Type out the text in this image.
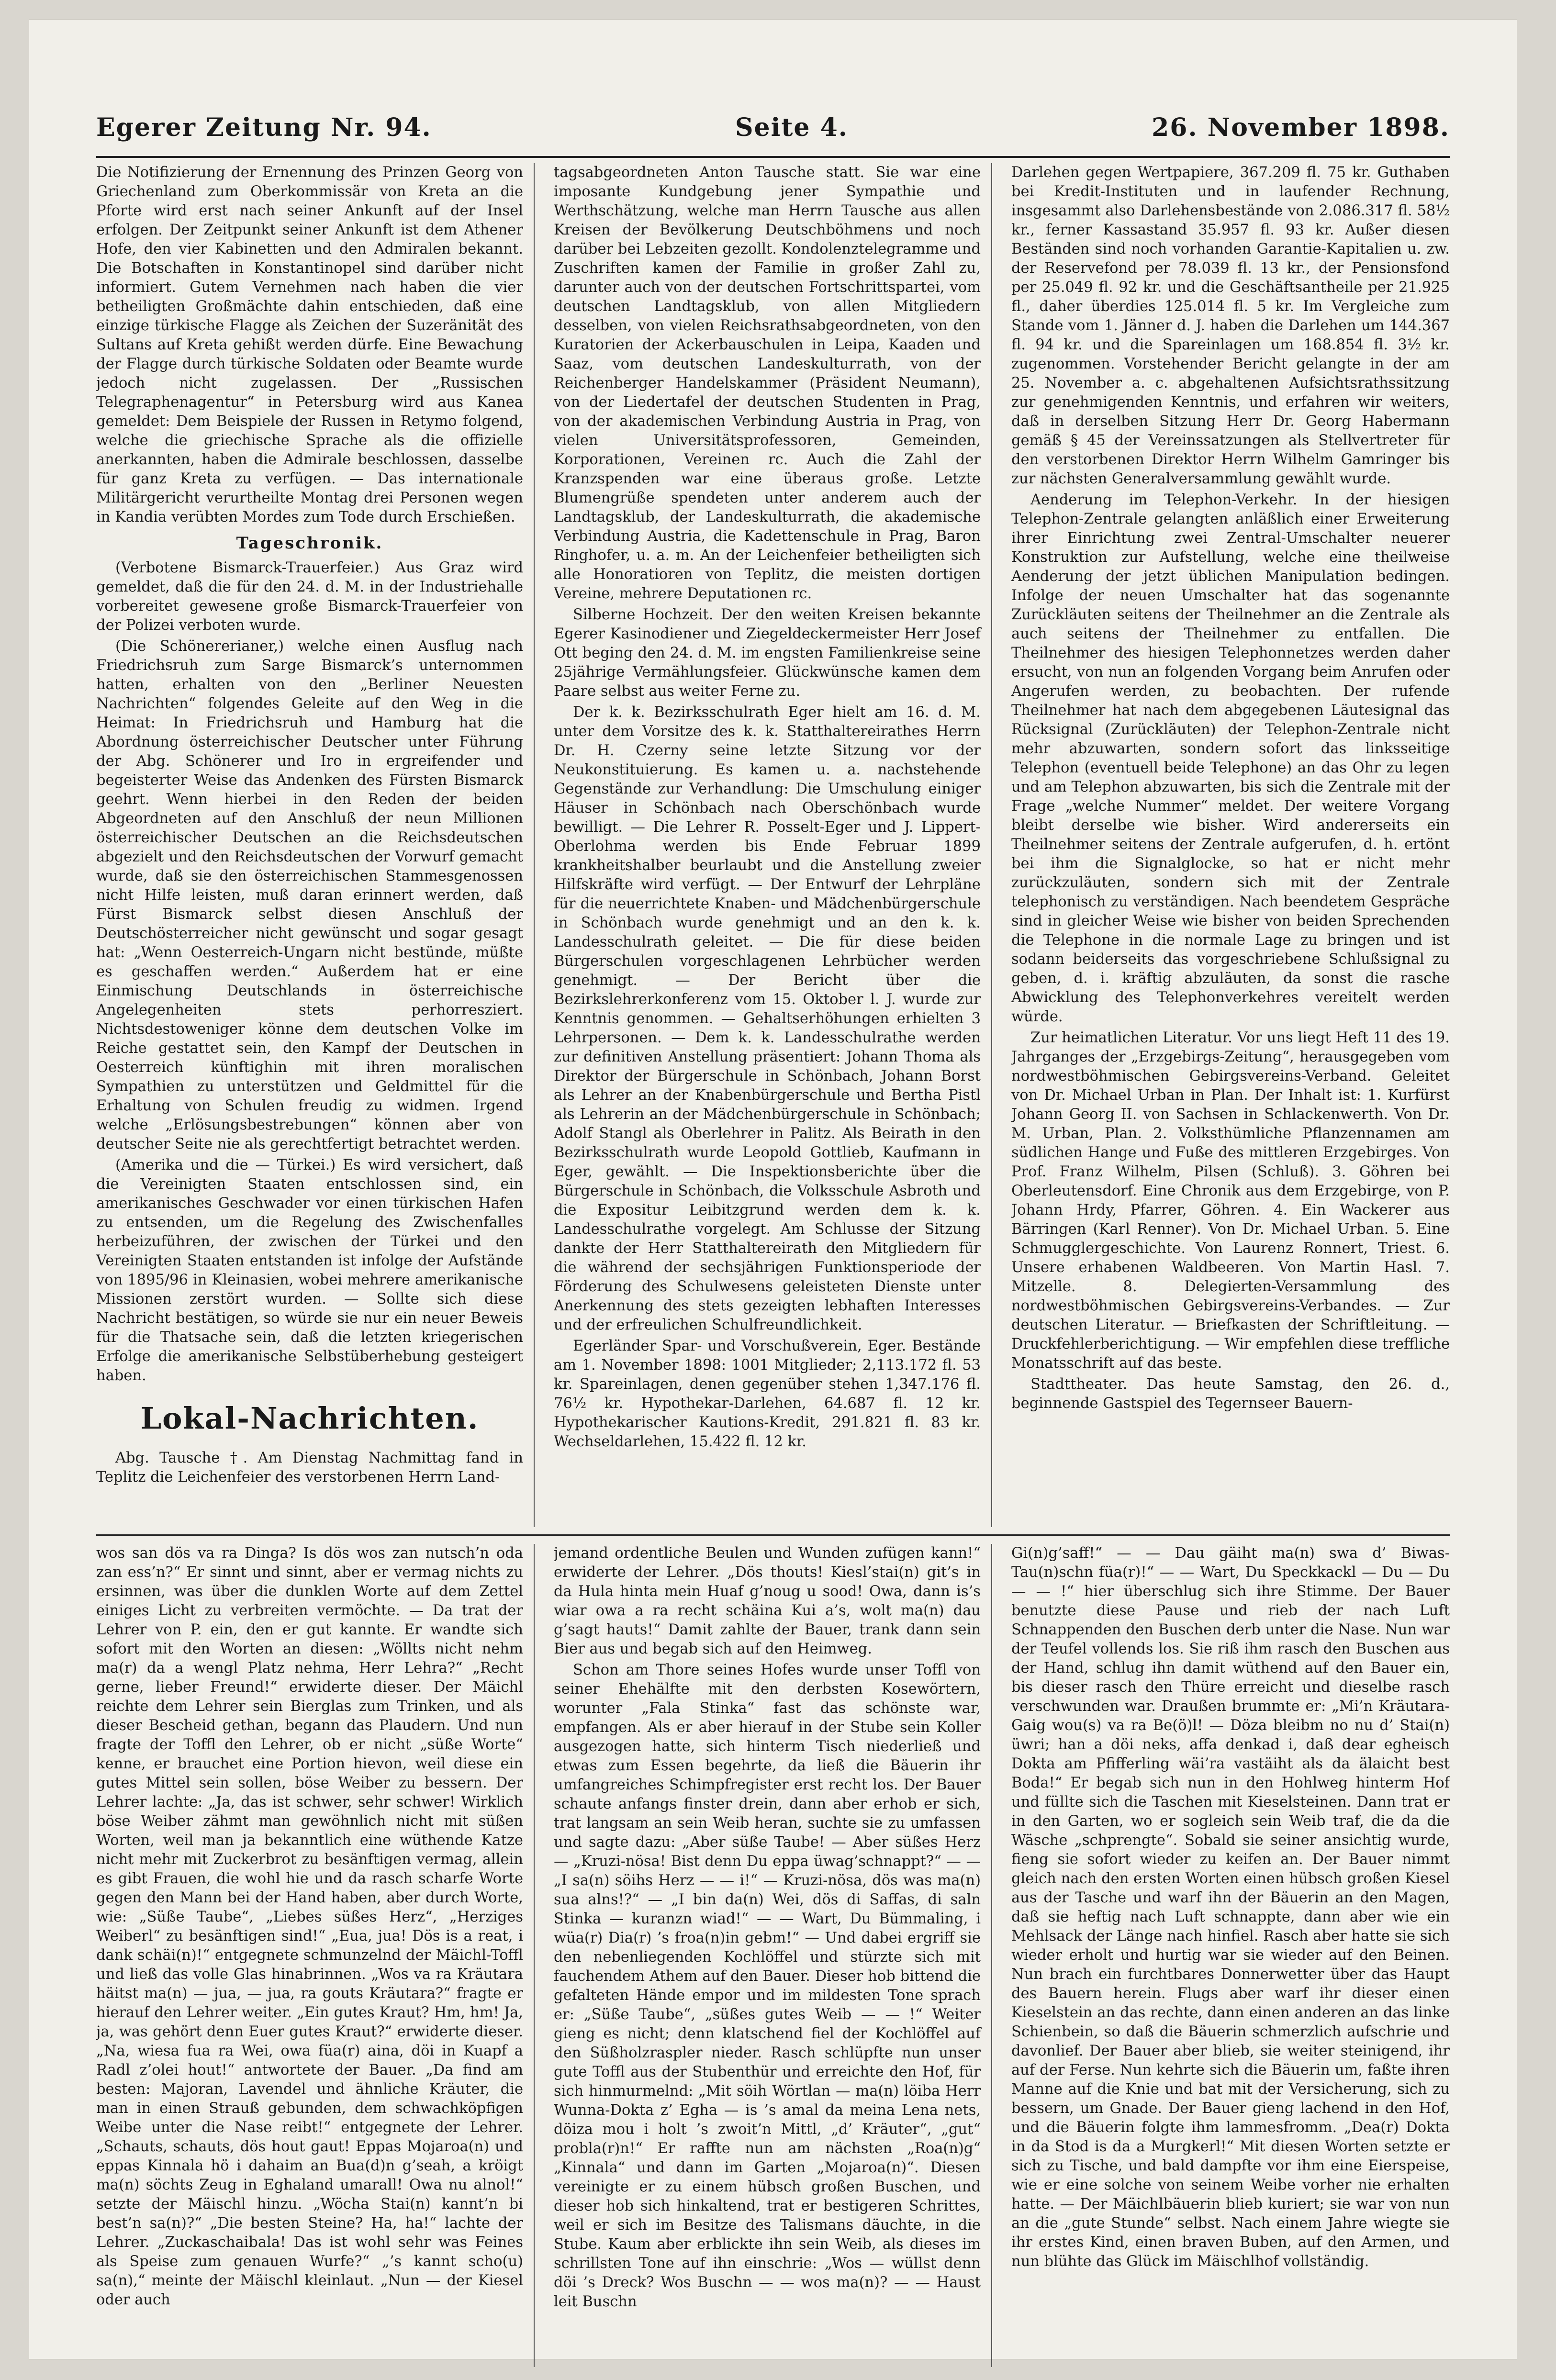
Egerer Zeitung Nr. 94.	Seite 4.	26. November 1898.

Die Notifizierung der Ernennung des Prinzen Georg von Griechenland zum Oberkommissär von Kreta an die Pforte wird erst nach seiner Ankunft auf der Insel erfolgen. Der Zeitpunkt seiner Ankunft ist dem Athener Hofe, den vier Kabinetten und den Admiralen bekannt. Die Botschaften in Konstantinopel sind darüber nicht informiert. Gutem Vernehmen nach haben die vier betheiligten Großmächte dahin entschieden, daß eine einzige türkische Flagge als Zeichen der Suzeränität des Sultans auf Kreta gehißt werden dürfe. Eine Bewachung der Flagge durch türkische Soldaten oder Beamte wurde jedoch nicht zugelassen. Der „Russischen Telegraphenagentur“ in Petersburg wird aus Kanea gemeldet: Dem Beispiele der Russen in Retymo folgend, welche die griechische Sprache als die offizielle anerkannten, haben die Admirale beschlossen, dasselbe für ganz Kreta zu verfügen. — Das internationale Militärgericht verurtheilte Montag drei Personen wegen in Kandia verübten Mordes zum Tode durch Erschießen.

Tageschronik.

(Verbotene Bismarck-Trauerfeier.) Aus Graz wird gemeldet, daß die für den 24. d. M. in der Industriehalle vorbereitet gewesene große Bismarck-Trauerfeier von der Polizei verboten wurde.

(Die Schönererianer,) welche einen Ausflug nach Friedrichsruh zum Sarge Bismarck’s unternommen hatten, erhalten von den „Berliner Neuesten Nachrichten“ folgendes Geleite auf den Weg in die Heimat: In Friedrichsruh und Hamburg hat die Abordnung österreichischer Deutscher unter Führung der Abg. Schönerer und Iro in ergreifender und begeisterter Weise das Andenken des Fürsten Bismarck geehrt. Wenn hierbei in den Reden der beiden Abgeordneten auf den Anschluß der neun Millionen österreichischer Deutschen an die Reichsdeutschen abgezielt und den Reichsdeutschen der Vorwurf gemacht wurde, daß sie den österreichischen Stammesgenossen nicht Hilfe leisten, muß daran erinnert werden, daß Fürst Bismarck selbst diesen Anschluß der Deutschösterreicher nicht gewünscht und sogar gesagt hat: „Wenn Oesterreich-Ungarn nicht bestünde, müßte es geschaffen werden.“ Außerdem hat er eine Einmischung Deutschlands in österreichische Angelegenheiten stets perhorresziert. Nichtsdestoweniger könne dem deutschen Volke im Reiche gestattet sein, den Kampf der Deutschen in Oesterreich künftighin mit ihren moralischen Sympathien zu unterstützen und Geldmittel für die Erhaltung von Schulen freudig zu widmen. Irgend welche „Erlösungsbestrebungen“ können aber von deutscher Seite nie als gerechtfertigt betrachtet werden.

(Amerika und die — Türkei.) Es wird versichert, daß die Vereinigten Staaten entschlossen sind, ein amerikanisches Geschwader vor einen türkischen Hafen zu entsenden, um die Regelung des Zwischenfalles herbeizuführen, der zwischen der Türkei und den Vereinigten Staaten entstanden ist infolge der Aufstände von 1895/96 in Kleinasien, wobei mehrere amerikanische Missionen zerstört wurden. — Sollte sich diese Nachricht bestätigen, so würde sie nur ein neuer Beweis für die Thatsache sein, daß die letzten kriegerischen Erfolge die amerikanische Selbstüberhebung gesteigert haben.

Lokal-Nachrichten.

Abg. Tausche †. Am Dienstag Nachmittag fand in Teplitz die Leichenfeier des verstorbenen Herrn Land-

tagsabgeordneten Anton Tausche statt. Sie war eine imposante Kundgebung jener Sympathie und Werthschätzung, welche man Herrn Tausche aus allen Kreisen der Bevölkerung Deutschböhmens und noch darüber bei Lebzeiten gezollt. Kondolenztelegramme und Zuschriften kamen der Familie in großer Zahl zu, darunter auch von der deutschen Fortschrittspartei, vom deutschen Landtagsklub, von allen Mitgliedern desselben, von vielen Reichsrathsabgeordneten, von den Kuratorien der Ackerbauschulen in Leipa, Kaaden und Saaz, vom deutschen Landeskulturrath, von der Reichenberger Handelskammer (Präsident Neumann), von der Liedertafel der deutschen Studenten in Prag, von der akademischen Verbindung Austria in Prag, von vielen Universitätsprofessoren, Gemeinden, Korporationen, Vereinen rc. Auch die Zahl der Kranzspenden war eine überaus große. Letzte Blumengrüße spendeten unter anderem auch der Landtagsklub, der Landeskulturrath, die akademische Verbindung Austria, die Kadettenschule in Prag, Baron Ringhofer, u. a. m. An der Leichenfeier betheiligten sich alle Honoratioren von Teplitz, die meisten dortigen Vereine, mehrere Deputationen rc.

Silberne Hochzeit. Der den weiten Kreisen bekannte Egerer Kasinodiener und Ziegeldeckermeister Herr Josef Ott beging den 24. d. M. im engsten Familienkreise seine 25jährige Vermählungsfeier. Glückwünsche kamen dem Paare selbst aus weiter Ferne zu.

Der k. k. Bezirksschulrath Eger hielt am 16. d. M. unter dem Vorsitze des k. k. Statthaltereirathes Herrn Dr. H. Czerny seine letzte Sitzung vor der Neukonstituierung. Es kamen u. a. nachstehende Gegenstände zur Verhandlung: Die Umschulung einiger Häuser in Schönbach nach Oberschönbach wurde bewilligt. — Die Lehrer R. Posselt-Eger und J. Lippert-Oberlohma werden bis Ende Februar 1899 krankheitshalber beurlaubt und die Anstellung zweier Hilfskräfte wird verfügt. — Der Entwurf der Lehrpläne für die neuerrichtete Knaben- und Mädchenbürgerschule in Schönbach wurde genehmigt und an den k. k. Landesschulrath geleitet. — Die für diese beiden Bürgerschulen vorgeschlagenen Lehrbücher werden genehmigt. — Der Bericht über die Bezirkslehrerkonferenz vom 15. Oktober l. J. wurde zur Kenntnis genommen. — Gehaltserhöhungen erhielten 3 Lehrpersonen. — Dem k. k. Landesschulrathe werden zur definitiven Anstellung präsentiert: Johann Thoma als Direktor der Bürgerschule in Schönbach, Johann Borst als Lehrer an der Knabenbürgerschule und Bertha Pistl als Lehrerin an der Mädchenbürgerschule in Schönbach; Adolf Stangl als Oberlehrer in Palitz. Als Beirath in den Bezirksschulrath wurde Leopold Gottlieb, Kaufmann in Eger, gewählt. — Die Inspektionsberichte über die Bürgerschule in Schönbach, die Volksschule Asbroth und die Expositur Leibitzgrund werden dem k. k. Landesschulrathe vorgelegt. Am Schlusse der Sitzung dankte der Herr Statthaltereirath den Mitgliedern für die während der sechsjährigen Funktionsperiode der Förderung des Schulwesens geleisteten Dienste unter Anerkennung des stets gezeigten lebhaften Interesses und der erfreulichen Schulfreundlichkeit.

Egerländer Spar- und Vorschußverein, Eger. Bestände am 1. November 1898: 1001 Mitglieder; 2,113.172 fl. 53 kr. Spareinlagen, denen gegenüber stehen 1,347.176 fl. 76½ kr. Hypothekar-Darlehen, 64.687 fl. 12 kr. Hypothekarischer Kautions-Kredit, 291.821 fl. 83 kr. Wechseldarlehen, 15.422 fl. 12 kr.

Darlehen gegen Wertpapiere, 367.209 fl. 75 kr. Guthaben bei Kredit-Instituten und in laufender Rechnung, insgesammt also Darlehensbestände von 2.086.317 fl. 58½ kr., ferner Kassastand 35.957 fl. 93 kr. Außer diesen Beständen sind noch vorhanden Garantie-Kapitalien u. zw. der Reservefond per 78.039 fl. 13 kr., der Pensionsfond per 25.049 fl. 92 kr. und die Geschäftsantheile per 21.925 fl., daher überdies 125.014 fl. 5 kr. Im Vergleiche zum Stande vom 1. Jänner d. J. haben die Darlehen um 144.367 fl. 94 kr. und die Spareinlagen um 168.854 fl. 3½ kr. zugenommen. Vorstehender Bericht gelangte in der am 25. November a. c. abgehaltenen Aufsichtsrathssitzung zur genehmigenden Kenntnis, und erfahren wir weiters, daß in derselben Sitzung Herr Dr. Georg Habermann gemäß § 45 der Vereinssatzungen als Stellvertreter für den verstorbenen Direktor Herrn Wilhelm Gamringer bis zur nächsten Generalversammlung gewählt wurde.

Aenderung im Telephon-Verkehr. In der hiesigen Telephon-Zentrale gelangten anläßlich einer Erweiterung ihrer Einrichtung zwei Zentral-Umschalter neuerer Konstruktion zur Aufstellung, welche eine theilweise Aenderung der jetzt üblichen Manipulation bedingen. Infolge der neuen Umschalter hat das sogenannte Zurückläuten seitens der Theilnehmer an die Zentrale als auch seitens der Theilnehmer zu entfallen. Die Theilnehmer des hiesigen Telephonnetzes werden daher ersucht, von nun an folgenden Vorgang beim Anrufen oder Angerufen werden, zu beobachten. Der rufende Theilnehmer hat nach dem abgegebenen Läutesignal das Rücksignal (Zurückläuten) der Telephon-Zentrale nicht mehr abzuwarten, sondern sofort das linksseitige Telephon (eventuell beide Telephone) an das Ohr zu legen und am Telephon abzuwarten, bis sich die Zentrale mit der Frage „welche Nummer“ meldet. Der weitere Vorgang bleibt derselbe wie bisher. Wird andererseits ein Theilnehmer seitens der Zentrale aufgerufen, d. h. ertönt bei ihm die Signalglocke, so hat er nicht mehr zurückzuläuten, sondern sich mit der Zentrale telephonisch zu verständigen. Nach beendetem Gespräche sind in gleicher Weise wie bisher von beiden Sprechenden die Telephone in die normale Lage zu bringen und ist sodann beiderseits das vorgeschriebene Schlußsignal zu geben, d. i. kräftig abzuläuten, da sonst die rasche Abwicklung des Telephonverkehres vereitelt werden würde.

Zur heimatlichen Literatur. Vor uns liegt Heft 11 des 19. Jahrganges der „Erzgebirgs-Zeitung“, herausgegeben vom nordwestböhmischen Gebirgsvereins-Verband. Geleitet von Dr. Michael Urban in Plan. Der Inhalt ist: 1. Kurfürst Johann Georg II. von Sachsen in Schlackenwerth. Von Dr. M. Urban, Plan. 2. Volksthümliche Pflanzennamen am südlichen Hange und Fuße des mittleren Erzgebirges. Von Prof. Franz Wilhelm, Pilsen (Schluß). 3. Göhren bei Oberleutensdorf. Eine Chronik aus dem Erzgebirge, von P. Johann Hrdy, Pfarrer, Göhren. 4. Ein Wackerer aus Bärringen (Karl Renner). Von Dr. Michael Urban. 5. Eine Schmugglergeschichte. Von Laurenz Ronnert, Triest. 6. Unsere erhabenen Waldbeeren. Von Martin Hasl. 7. Mitzelle. 8. Delegierten-Versammlung des nordwestböhmischen Gebirgsvereins-Verbandes. — Zur deutschen Literatur. — Briefkasten der Schriftleitung. — Druckfehlerberichtigung. — Wir empfehlen diese treffliche Monatsschrift auf das beste.

Stadttheater. Das heute Samstag, den 26. d., beginnende Gastspiel des Tegernseer Bauern-

wos san dös va ra Dinga? Is dös wos zan nutsch’n oda zan ess’n?“ Er sinnt und sinnt, aber er vermag nichts zu ersinnen, was über die dunklen Worte auf dem Zettel einiges Licht zu verbreiten vermöchte. — Da trat der Lehrer von P. ein, den er gut kannte. Er wandte sich sofort mit den Worten an diesen: „Wöllts nicht nehm ma(r) da a wengl Platz nehma, Herr Lehra?“ „Recht gerne, lieber Freund!“ erwiderte dieser. Der Mäichl reichte dem Lehrer sein Bierglas zum Trinken, und als dieser Bescheid gethan, begann das Plaudern. Und nun fragte der Toffl den Lehrer, ob er nicht „süße Worte“ kenne, er brauchet eine Portion hievon, weil diese ein gutes Mittel sein sollen, böse Weiber zu bessern. Der Lehrer lachte: „Ja, das ist schwer, sehr schwer! Wirklich böse Weiber zähmt man gewöhnlich nicht mit süßen Worten, weil man ja bekanntlich eine wüthende Katze nicht mehr mit Zuckerbrot zu besänftigen vermag, allein es gibt Frauen, die wohl hie und da rasch scharfe Worte gegen den Mann bei der Hand haben, aber durch Worte, wie: „Süße Taube“, „Liebes süßes Herz“, „Herziges Weiberl“ zu besänftigen sind!“ „Eua, jua! Dös is a reat, i dank schäi(n)!“ entgegnete schmunzelnd der Mäichl-Toffl und ließ das volle Glas hinabrinnen. „Wos va ra Kräutara häitst ma(n) — jua, — jua, ra gouts Kräutara?“ fragte er hierauf den Lehrer weiter. „Ein gutes Kraut? Hm, hm! Ja, ja, was gehört denn Euer gutes Kraut?“ erwiderte dieser. „Na, wiesa fua ra Wei, owa füa(r) aina, döi in Kuapf a Radl z’olei hout!“ antwortete der Bauer. „Da find am besten: Majoran, Lavendel und ähnliche Kräuter, die man in einen Strauß gebunden, dem schwachköpfigen Weibe unter die Nase reibt!“ entgegnete der Lehrer. „Schauts, schauts, dös hout gaut! Eppas Mojaroa(n) und eppas Kinnala hö i dahaim an Bua(d)n g’seah, a kröigt ma(n) söchts Zeug in Eghaland umarall! Owa nu alnol!“ setzte der Mäischl hinzu. „Wöcha Stai(n) kannt’n bi best’n sa(n)?“ „Die besten Steine? Ha, ha!“ lachte der Lehrer. „Zuckaschaibala! Das ist wohl sehr was Feines als Speise zum genauen Wurfe?“ „’s kannt scho(u) sa(n),“ meinte der Mäischl kleinlaut. „Nun — der Kiesel oder auch

jemand ordentliche Beulen und Wunden zufügen kann!“ erwiderte der Lehrer. „Dös thouts! Kiesl’stai(n) git’s in da Hula hinta mein Huaf g’noug u sood! Owa, dann is’s wiar owa a ra recht schäina Kui a’s, wolt ma(n) dau g’sagt hauts!“ Damit zahlte der Bauer, trank dann sein Bier aus und begab sich auf den Heimweg.

Schon am Thore seines Hofes wurde unser Toffl von seiner Ehehälfte mit den derbsten Kosewörtern, worunter „Fala Stinka“ fast das schönste war, empfangen. Als er aber hierauf in der Stube sein Koller ausgezogen hatte, sich hinterm Tisch niederließ und etwas zum Essen begehrte, da ließ die Bäuerin ihr umfangreiches Schimpfregister erst recht los. Der Bauer schaute anfangs finster drein, dann aber erhob er sich, trat langsam an sein Weib heran, suchte sie zu umfassen und sagte dazu: „Aber süße Taube! — Aber süßes Herz — „Kruzi-nösa! Bist denn Du eppa üwag’schnappt?“ — — „I sa(n) söihs Herz — — i!“ — Kruzi-nösa, dös was ma(n) sua alns!?“ — „I bin da(n) Wei, dös di Saffas, di saln Stinka — kuranzn wiad!“ — — Wart, Du Bümmaling, i wüa(r) Dia(r) ’s froa(n)in gebm!“ — Und dabei ergriff sie den nebenliegenden Kochlöffel und stürzte sich mit fauchendem Athem auf den Bauer. Dieser hob bittend die gefalteten Hände empor und im mildesten Tone sprach er: „Süße Taube“, „süßes gutes Weib — — !“ Weiter gieng es nicht; denn klatschend fiel der Kochlöffel auf den Süßholzraspler nieder. Rasch schlüpfte nun unser gute Toffl aus der Stubenthür und erreichte den Hof, für sich hinmurmelnd: „Mit söih Wörtlan — ma(n) löiba Herr Wunna-Dokta z’ Egha — is ’s amal da meina Lena nets, döiza mou i holt ’s zwoit’n Mittl, „d’ Kräuter“, „gut“ probla(r)n!“ Er raffte nun am nächsten „Roa(n)g“ „Kinnala“ und dann im Garten „Mojaroa(n)“. Diesen vereinigte er zu einem hübsch großen Buschen, und dieser hob sich hinkaltend, trat er bestigeren Schrittes, weil er sich im Besitze des Talismans däuchte, in die Stube. Kaum aber erblickte ihn sein Weib, als dieses im schrillsten Tone auf ihn einschrie: „Wos — wüllst denn döi ’s Dreck? Wos Buschn — — wos ma(n)? — — Haust leit Buschn

Gi(n)g’saff!“ — — Dau gäiht ma(n) swa d’ Biwas-Tau(n)schn füa(r)!“ — — Wart, Du Speckkackl — Du — Du — — !“ hier überschlug sich ihre Stimme. Der Bauer benutzte diese Pause und rieb der nach Luft Schnappenden den Buschen derb unter die Nase. Nun war der Teufel vollends los. Sie riß ihm rasch den Buschen aus der Hand, schlug ihn damit wüthend auf den Bauer ein, bis dieser rasch den Thüre erreicht und dieselbe rasch verschwunden war. Draußen brummte er: „Mi’n Kräutara-Gaig wou(s) va ra Be(ö)l! — Döza bleibm no nu d’ Stai(n) üwri; han a döi neks, affa denkad i, daß dear egheisch Dokta am Pfifferling wäi’ra vastäiht als da älaicht best Boda!“ Er begab sich nun in den Hohlweg hinterm Hof und füllte sich die Taschen mit Kieselsteinen. Dann trat er in den Garten, wo er sogleich sein Weib traf, die da die Wäsche „schprengte“. Sobald sie seiner ansichtig wurde, fieng sie sofort wieder zu keifen an. Der Bauer nimmt gleich nach den ersten Worten einen hübsch großen Kiesel aus der Tasche und warf ihn der Bäuerin an den Magen, daß sie heftig nach Luft schnappte, dann aber wie ein Mehlsack der Länge nach hinfiel. Rasch aber hatte sie sich wieder erholt und hurtig war sie wieder auf den Beinen. Nun brach ein furchtbares Donnerwetter über das Haupt des Bauern herein. Flugs aber warf ihr dieser einen Kieselstein an das rechte, dann einen anderen an das linke Schienbein, so daß die Bäuerin schmerzlich aufschrie und davonlief. Der Bauer aber blieb, sie weiter steinigend, ihr auf der Ferse. Nun kehrte sich die Bäuerin um, faßte ihren Manne auf die Knie und bat mit der Versicherung, sich zu bessern, um Gnade. Der Bauer gieng lachend in den Hof, und die Bäuerin folgte ihm lammesfromm. „Dea(r) Dokta in da Stod is da a Murgkerl!“ Mit diesen Worten setzte er sich zu Tische, und bald dampfte vor ihm eine Eierspeise, wie er eine solche von seinem Weibe vorher nie erhalten hatte. — Der Mäichlbäuerin blieb kuriert; sie war von nun an die „gute Stunde“ selbst. Nach einem Jahre wiegte sie ihr erstes Kind, einen braven Buben, auf den Armen, und nun blühte das Glück im Mäischlhof vollständig.
